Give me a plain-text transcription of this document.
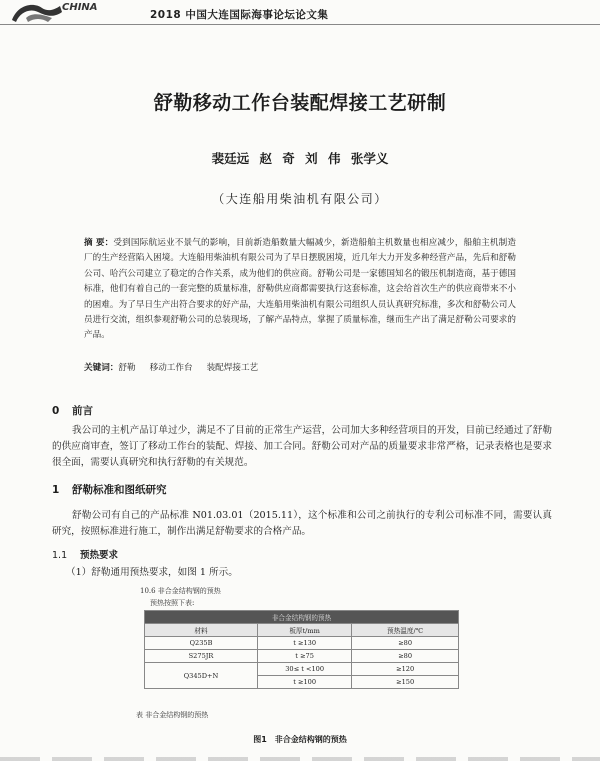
CHINA
2018 中国大连国际海事论坛论文集
舒勒移动工作台装配焊接工艺研制
裴廷远 赵 奇 刘 伟 张学义
（大连船用柴油机有限公司）
摘 要：受到国际航运业不景气的影响，目前新造船数量大幅减少，新造船舶主机数量也相应减少，船舶主机制造厂的生产经营陷入困境。大连船用柴油机有限公司为了早日摆脱困境，近几年大力开发多种经营产品，先后和舒勒公司、哈汽公司建立了稳定的合作关系，成为他们的供应商。舒勒公司是一家德国知名的锻压机制造商，基于德国标准，他们有着自己的一套完整的质量标准，舒勒供应商都需要执行这套标准，这会给首次生产的供应商带来不小的困难。为了早日生产出符合要求的好产品，大连船用柴油机有限公司组织人员认真研究标准，多次和舒勒公司人员进行交流，组织参观舒勒公司的总装现场，了解产品特点，掌握了质量标准，继而生产出了满足舒勒公司要求的产品。
关键词：舒勒 移动工作台 装配焊接工艺
0 前言
我公司的主机产品订单过少，满足不了目前的正常生产运营，公司加大多种经营项目的开发，目前已经通过了舒勒的供应商审查，签订了移动工作台的装配、焊接、加工合同。舒勒公司对产品的质量要求非常严格，记录表格也是要求很全面，需要认真研究和执行舒勒的有关规范。
1 舒勒标准和图纸研究
舒勒公司有自己的产品标准 N01.03.01（2015.11），这个标准和公司之前执行的专利公司标准不同，需要认真研究，按照标准进行施工，制作出满足舒勒要求的合格产品。
1.1 预热要求
（1）舒勒通用预热要求，如图 1 所示。
10.6 非合金结构钢的预热
预热按照下表:
非合金结构钢的预热		
材料	板厚t/mm	预热温度/℃
Q235B	t ≥130	≥80
S275JR	t ≥75	≥80
Q345D+N	30≤ t <100	≥120
	t ≥100	≥150
表 非合金结构钢的预热
图1　非合金结构钢的预热
